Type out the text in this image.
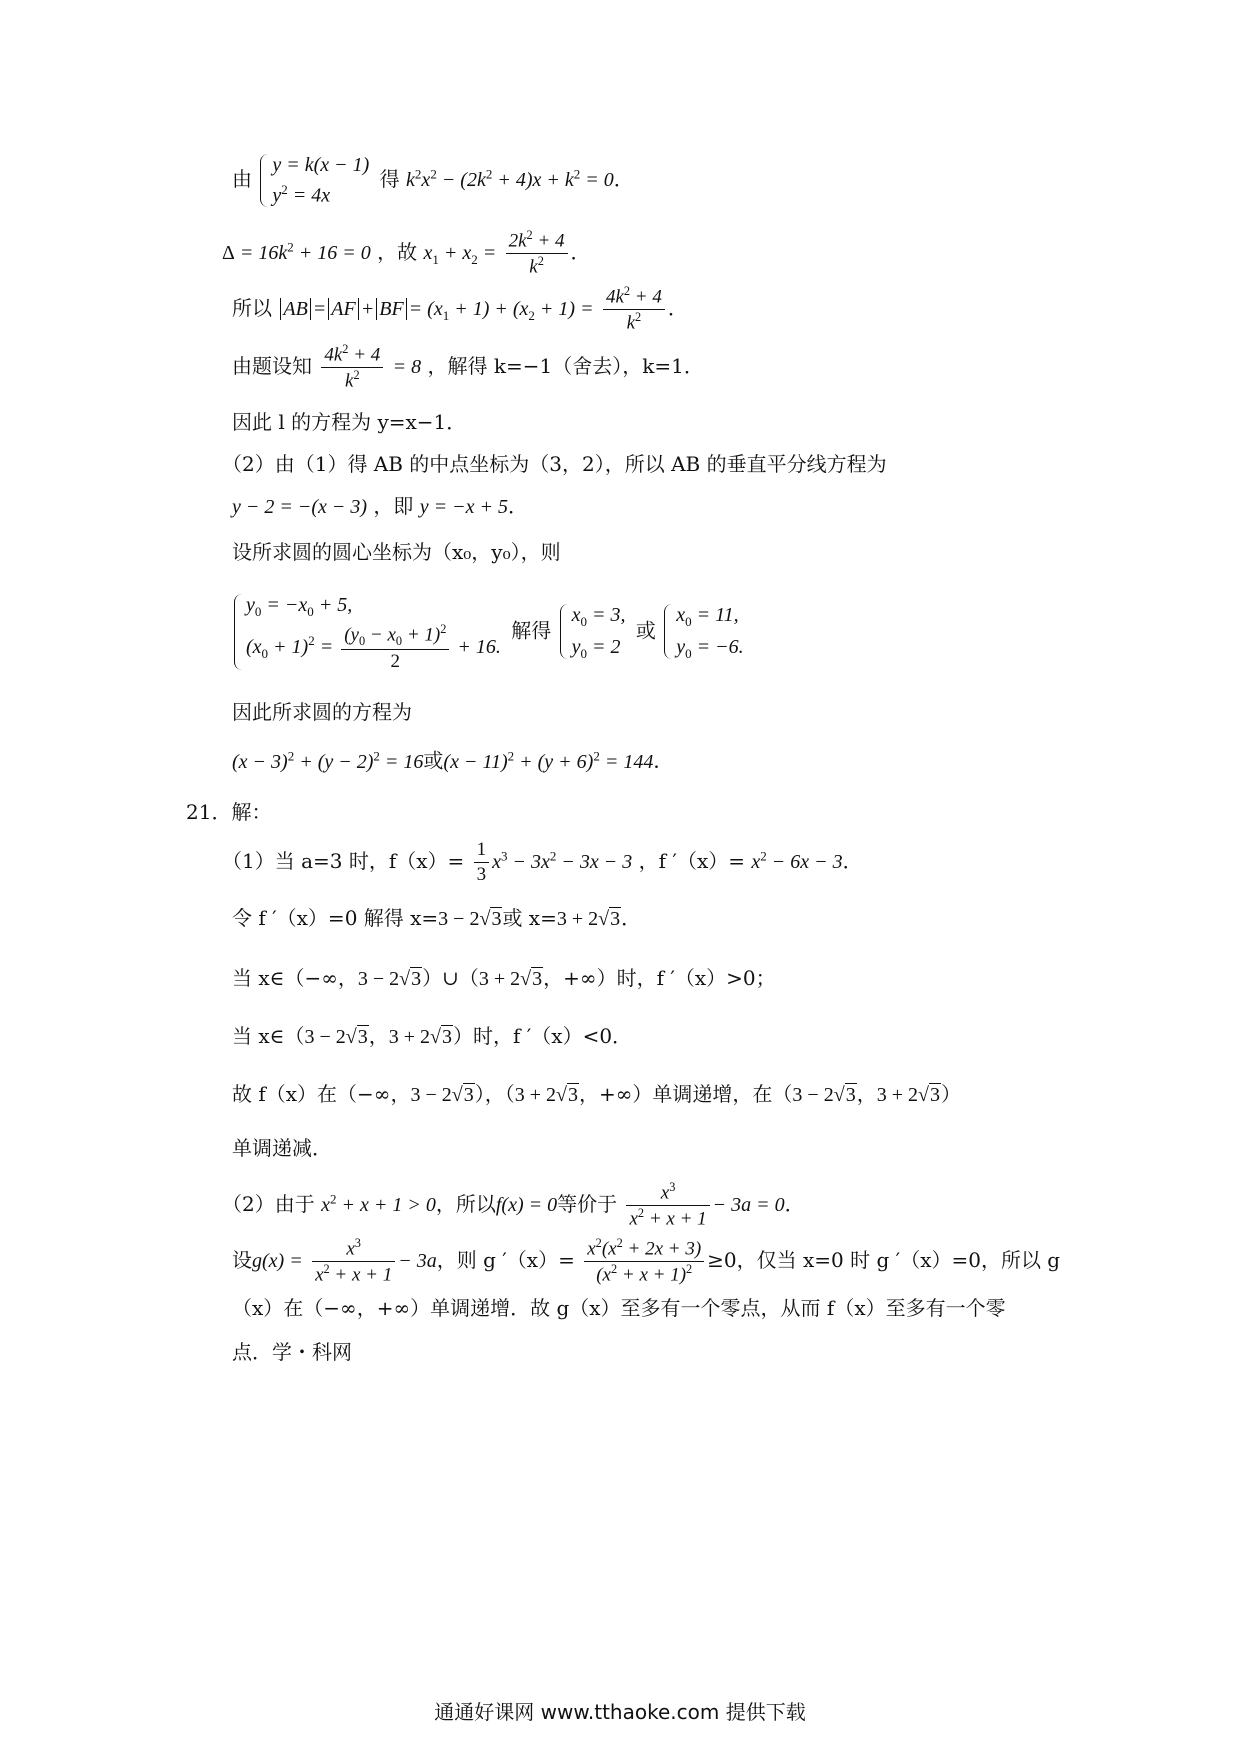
由
y = k(x − 1)
$y^2 = 4x$
得 $k^2x^2 - (2k^2 + 4)x + k^2 = 0$．
$\Delta = 16k^2 + 16 = 0$ ，故 $x_1 + x_2 = \frac{2k^2 + 4}{k^2}$ ．
所以 AB = AF + BF = $(x_1 + 1) + (x_2 + 1) = \frac{4k^2 + 4}{k^2}$ ．
由题设知 $\frac{4k^2 + 4}{k^2} = 8$ ，解得 k=−1（舍去），k=1．
因此 l 的方程为 y=x−1．
（2）由（1）得 AB 的中点坐标为（3，2），所以 AB 的垂直平分线方程为
y − 2 = −(x − 3) ，即 y = −x + 5．
设所求圆的圆心坐标为（x₀，y₀），则
$y_0 = -x_0 + 5$,
$(x_0 + 1)^2 = \frac{(y_0 - x_0 + 1)^2}{2} + 16$.
解得
$x_0 = 3$,
$y_0 = 2$
或
$x_0 = 11$,
$y_0 = -6$.
因此所求圆的方程为
$(x - 3)^2 + (y - 2)^2 = 16$或$(x - 11)^2 + (y + 6)^2 = 144$．
21．解：
（1）当 a=3 时，$f(x)= \frac{1}{3} x^3 - 3x^2 - 3x - 3$ ，f $'(x)= x^2 - 6x - 3$．
令 f ′（x）=0 解得 x=3 − 2√3或 x=3 + 2√3．
当 x∈（−∞，3 − 2√3）∪（3 + 2√3，+∞）时，f ′（x）>0；
当 x∈（3 − 2√3，3 + 2√3）时，f ′（x）<0．
故 f（x）在（−∞，3 − 2√3），（3 + 2√3，+∞）单调递增，在（3 − 2√3，3 + 2√3）
单调递减．
（2）由于 $x^2 + x + 1 > 0$，所以f(x) = 0等价于 $\frac{x^3}{x^2 + x + 1} - 3a = 0$．
设$g(x) = \frac{x^3}{x^2 + x + 1} - 3a$，则 g $'(x)= \frac{x^2(x^2 + 2x + 3)}{(x^2 + x + 1)^2} \ge 0$，仅当 x=0 时 g ′（x）=0，所以 g
（x）在（−∞，+∞）单调递增．故 g（x）至多有一个零点，从而 f（x）至多有一个零
点．学・科网
通通好课网 www.tthaoke.com 提供下载
